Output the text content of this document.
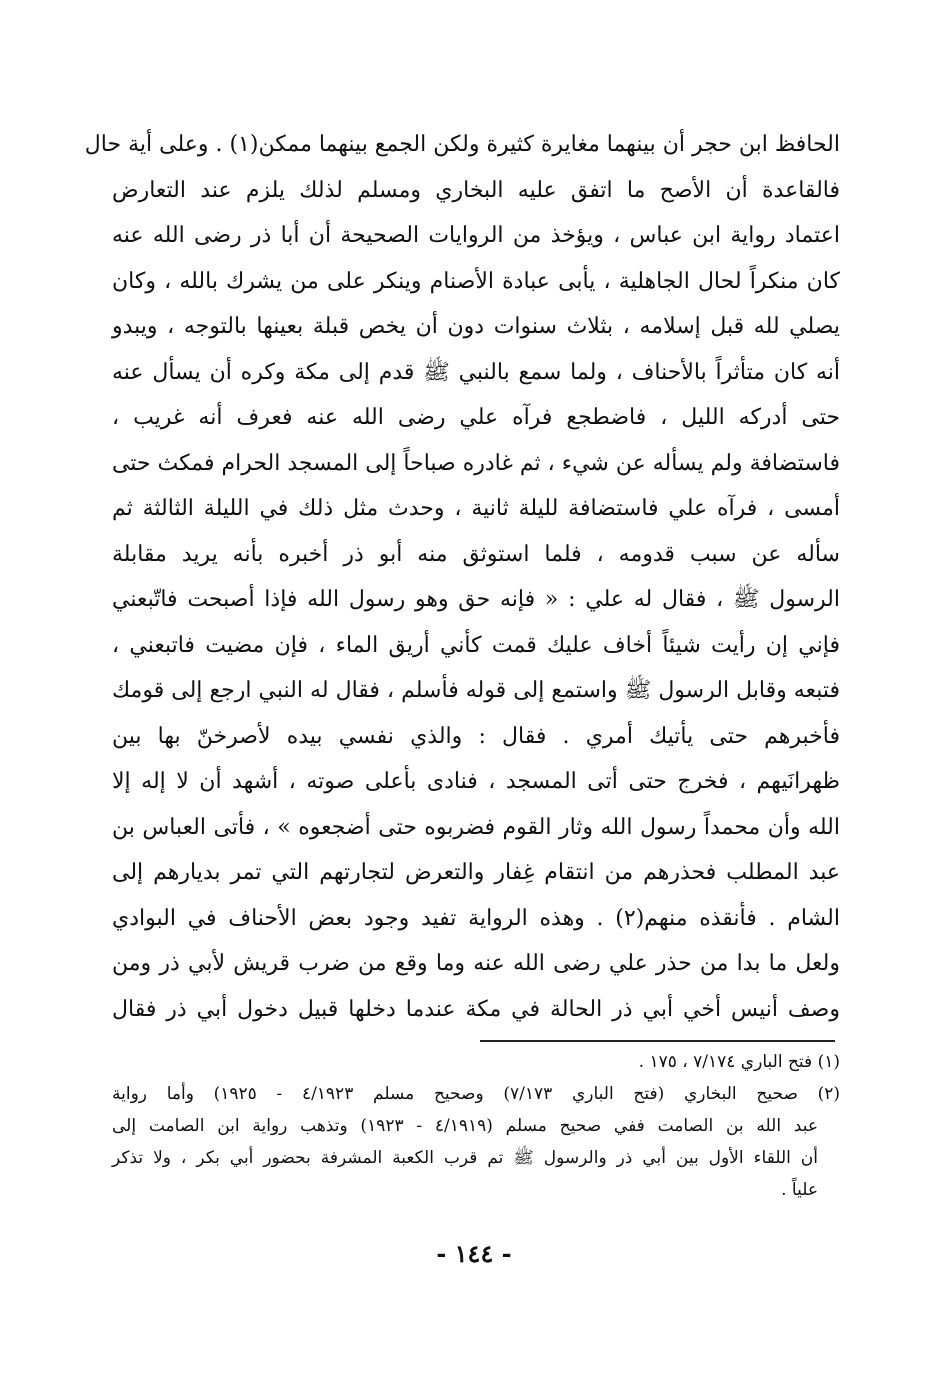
الحافظ ابن حجر أن بينهما مغايرة كثيرة ولكن الجمع بينهما ممكن(١) . وعلى أية حال
فالقاعدة أن الأصح ما اتفق عليه البخاري ومسلم لذلك يلزم عند التعارض
اعتماد رواية ابن عباس ، ويؤخذ من الروايات الصحيحة أن أبا ذر رضى الله عنه
كان منكراً لحال الجاهلية ، يأبى عبادة الأصنام وينكر على من يشرك بالله ، وكان
يصلي لله قبل إسلامه ، بثلاث سنوات دون أن يخص قبلة بعينها بالتوجه ، ويبدو
أنه كان متأثراً بالأحناف ، ولما سمع بالنبي ﷺ قدم إلى مكة وكره أن يسأل عنه
حتى أدركه الليل ، فاضطجع فرآه علي رضى الله عنه فعرف أنه غريب ،
فاستضافة ولم يسأله عن شيء ، ثم غادره صباحاً إلى المسجد الحرام فمكث حتى
أمسى ، فرآه علي فاستضافة لليلة ثانية ، وحدث مثل ذلك في الليلة الثالثة ثم
سأله عن سبب قدومه ، فلما استوثق منه أبو ذر أخبره بأنه يريد مقابلة
الرسول ﷺ ، فقال له علي : « فإنه حق وهو رسول الله فإذا أصبحت فاتّبعني
فإني إن رأيت شيئاً أخاف عليك قمت كأني أريق الماء ، فإن مضيت فاتبعني ،
فتبعه وقابل الرسول ﷺ واستمع إلى قوله فأسلم ، فقال له النبي ارجع إلى قومك
فأخبرهم حتى يأتيك أمري . فقال : والذي نفسي بيده لأصرخنّ بها بين
ظهرانَيهم ، فخرج حتى أتى المسجد ، فنادى بأعلى صوته ، أشهد أن لا إله إلا
الله وأن محمداً رسول الله وثار القوم فضربوه حتى أضجعوه » ، فأتى العباس بن
عبد المطلب فحذرهم من انتقام غِفار والتعرض لتجارتهم التي تمر بديارهم إلى
الشام . فأنقذه منهم(٢) . وهذه الرواية تفيد وجود بعض الأحناف في البوادي
ولعل ما بدا من حذر علي رضى الله عنه وما وقع من ضرب قريش لأبي ذر ومن
وصف أنيس أخي أبي ذر الحالة في مكة عندما دخلها قبيل دخول أبي ذر فقال
(١) فتح الباري ٧/١٧٤ ، ١٧٥ .
(٢) صحيح البخاري (فتح الباري ٧/١٧٣) وصحيح مسلم ٤/١٩٢٣ - ١٩٢٥) وأما رواية
عبد الله بن الصامت ففي صحيح مسلم (٤/١٩١٩ - ١٩٢٣) وتذهب رواية ابن الصامت إلى
أن اللقاء الأول بين أبي ذر والرسول ﷺ تم قرب الكعبة المشرفة بحضور أبي بكر ، ولا تذكر
علياً .
- ١٤٤ -
